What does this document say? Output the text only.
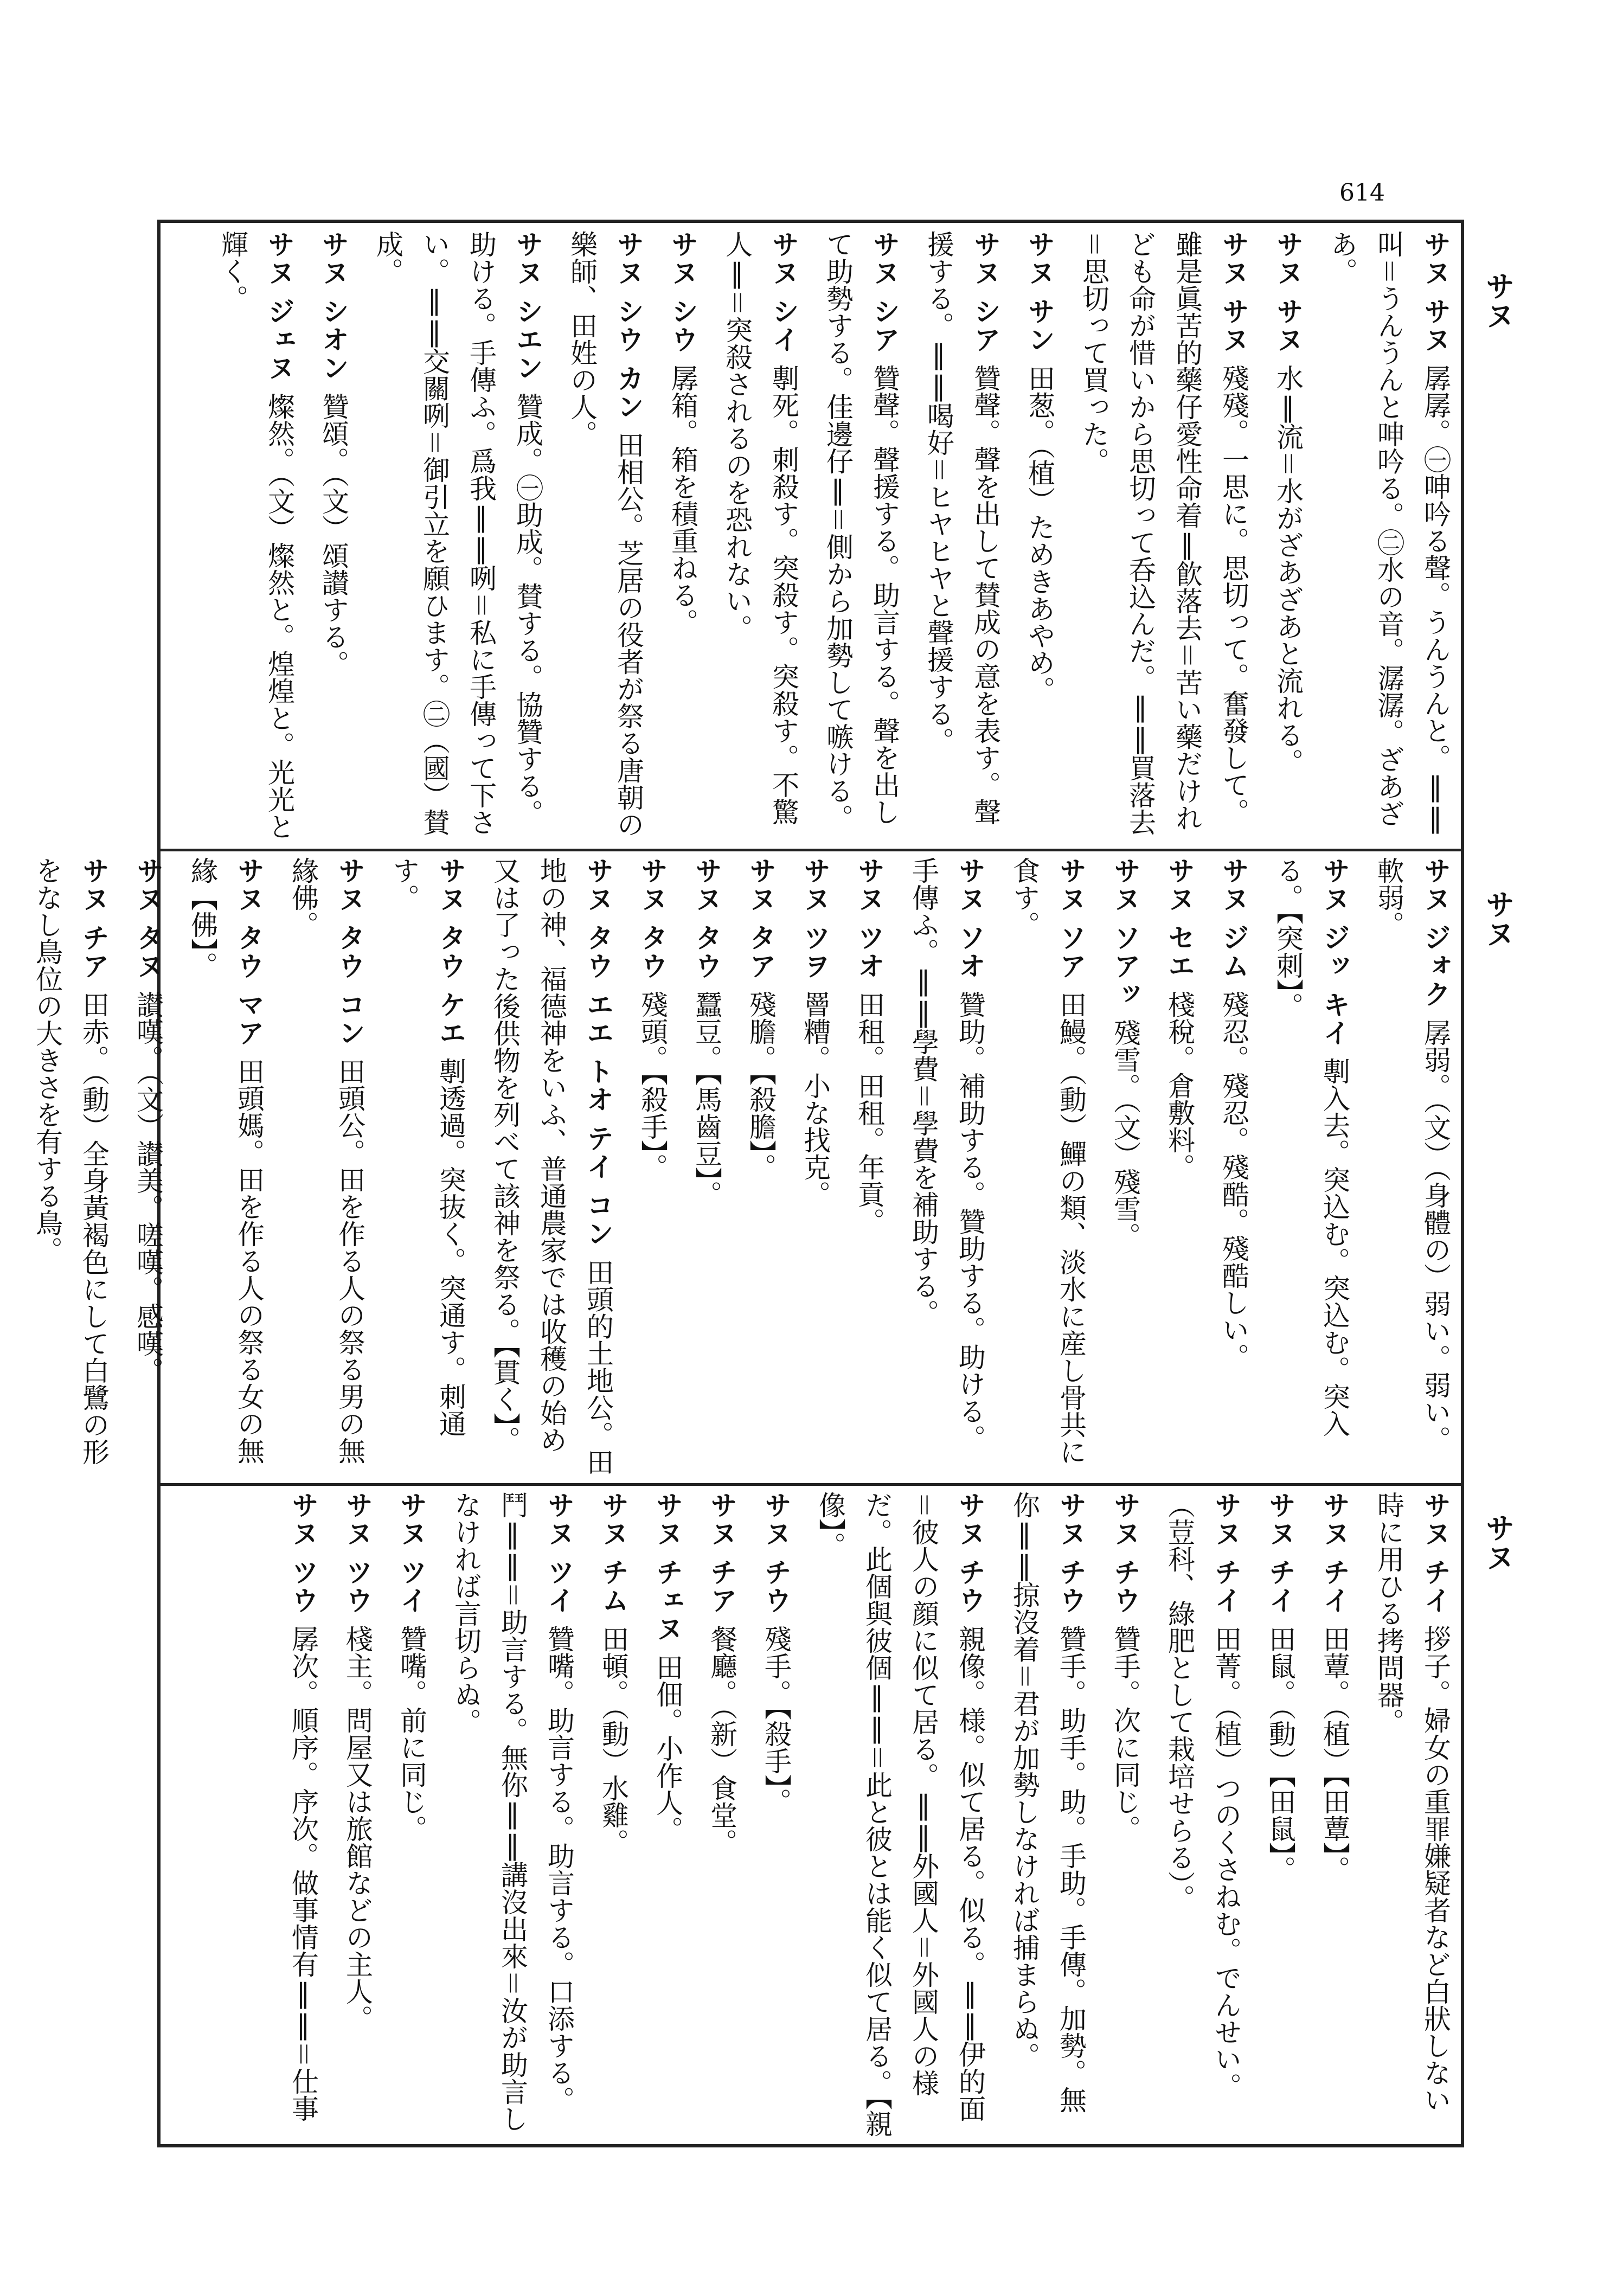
614
サヌ
サヌ
サヌ
サヌ サヌ 孱孱。㊀呻吟る聲。うんうんと。‖‖叫＝うんうんと呻吟る。㊁水の音。潺潺。ざあざあ。
サヌ サヌ 水‖流＝水がざあざあと流れる。
サヌ サヌ 殘殘。一思に。思切って。奮發して。雖是眞苦的藥仔愛性命着‖飮落去＝苦い藥だけれども命が惜いから思切って呑込んだ。‖‖買落去＝思切って買った。
サヌ サン 田葱。（植）ためきあやめ。
サヌ シア 贊聲。聲を出して賛成の意を表す。聲援する。‖‖喝好＝ヒヤヒヤと聲援する。
サヌ シア 贊聲。聲援する。助言する。聲を出して助勢する。佳邊仔‖＝側から加勢して嗾ける。
サヌ シイ 剸死。刺殺す。突殺す。突殺す。不驚人‖＝突殺されるのを恐れない。
サヌ シウ 孱箱。箱を積重ねる。
サヌ シウ カン 田相公。芝居の役者が祭る唐朝の樂師、田姓の人。
サヌ シエン 贊成。㊀助成。賛する。協贊する。助ける。手傳ふ。爲我‖‖咧＝私に手傳って下さい。‖‖交關咧＝御引立を願ひます。㊁（國）賛成。
サヌ シオン 贊頌。（文）頌讃する。
サヌ ジェヌ 燦然。（文）燦然と。煌煌と。光光と輝く。
サヌ ジォク 孱弱。（文）（身體の）弱い。弱い。軟弱。
サヌ ジッ キイ 剸入去。突込む。突込む。突入る。【突刺】。
サヌ ジム 殘忍。殘忍。殘酷。殘酷しい。
サヌ セエ 棧稅。倉敷料。
サヌ ソアッ 殘雪。（文）殘雪。
サヌ ソア 田鰻。（動）鱓の類、淡水に産し骨共に食す。
サヌ ソオ 贊助。補助する。贊助する。助ける。手傳ふ。‖‖學費＝學費を補助する。
サヌ ツオ 田租。田租。年貢。
サヌ ツヲ 罾糟。小な找克。
サヌ タア 殘膽。【殺膽】。
サヌ タウ 蠶豆。【馬齒豆】。
サヌ タウ 殘頭。【殺手】。
サヌ タウ エエ トオ テイ コン 田頭的土地公。田地の神、福德神をいふ、普通農家では收穫の始め又は了った後供物を列べて該神を祭る。【貫く】。
サヌ タウ ケエ 剸透過。突抜く。突通す。刺通す。
サヌ タウ コン 田頭公。田を作る人の祭る男の無緣佛。
サヌ タウ マア 田頭媽。田を作る人の祭る女の無緣【佛】。
サヌ タヌ 讃嘆。（文）讃美。嗟嘆。感嘆。
サヌ チア 田赤。（動）全身黃褐色にして白鷺の形をなし鳥位の大きさを有する鳥。
サヌ チイ 拶子。婦女の重罪嫌疑者など白狀しない時に用ひる拷問器。
サヌ チイ 田蕈。（植）【田蕈】。
サヌ チイ 田鼠。（動）【田鼠】。
サヌ チイ 田菁。（植）つのくさねむ。でんせい。（荳科、綠肥として栽培せらる）。
サヌ チウ 贊手。次に同じ。
サヌ チウ 贊手。助手。助。手助。手傳。加勢。無你‖‖掠沒着＝君が加勢しなければ捕まらぬ。
サヌ チウ 親像。様。似て居る。似る。‖‖伊的面＝彼人の顔に似て居る。‖‖外國人＝外國人の様だ。此個與彼個‖‖＝此と彼とは能く似て居る。【親像】。
サヌ チウ 殘手。【殺手】。
サヌ チア 餐廳。（新）食堂。
サヌ チェヌ 田佃。小作人。
サヌ チム 田頓。（動）水雞。
サヌ ツイ 贊嘴。助言する。助言する。口添する。鬥‖‖＝助言する。無你‖‖講沒出來＝汝が助言しなければ言切らぬ。
サヌ ツイ 贊嘴。前に同じ。
サヌ ツウ 棧主。問屋又は旅館などの主人。
サヌ ツウ 孱次。順序。序次。做事情有‖‖＝仕事
